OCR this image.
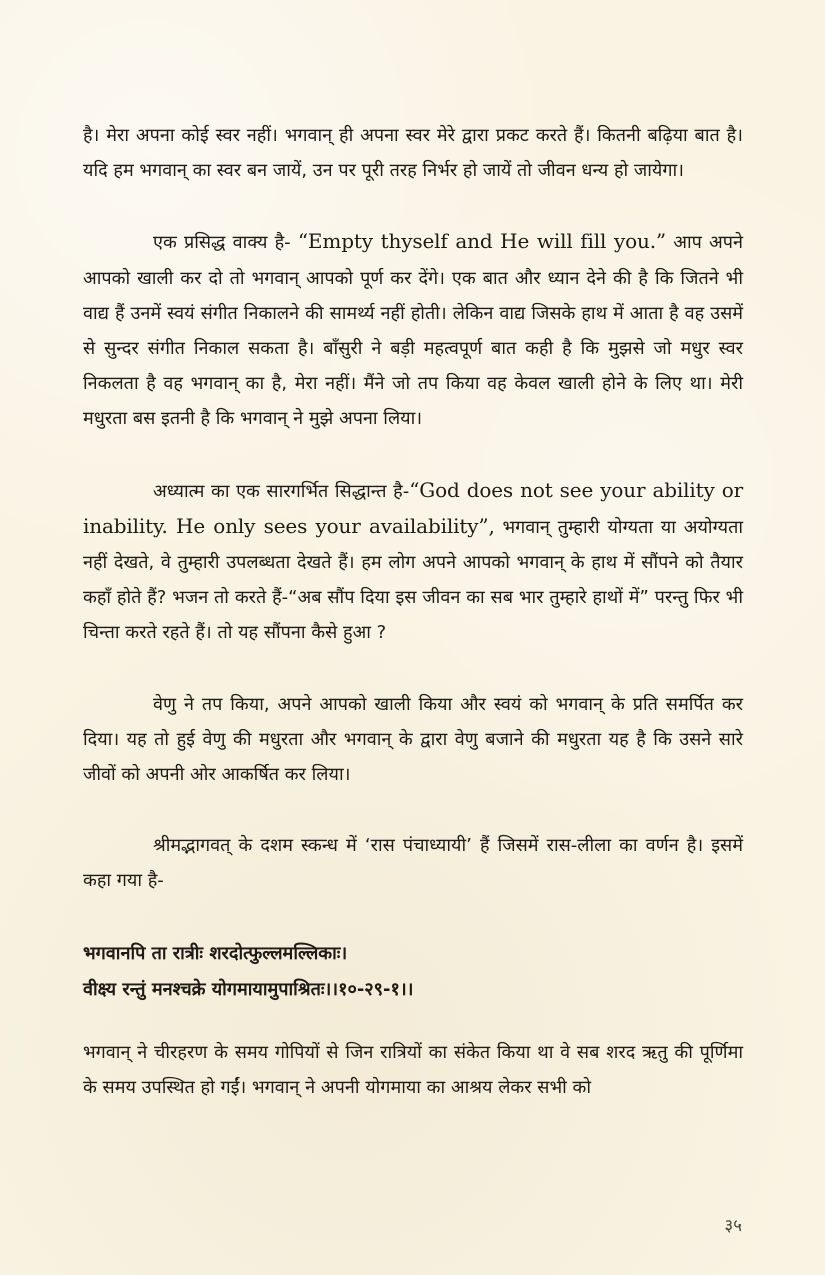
है। मेरा अपना कोई स्वर नहीं। भगवान् ही अपना स्वर मेरे द्वारा प्रकट करते हैं। कितनी बढ़िया बात है। यदि हम भगवान् का स्वर बन जायें, उन पर पूरी तरह निर्भर हो जायें तो जीवन धन्य हो जायेगा।

एक प्रसिद्ध वाक्य है- “Empty thyself and He will fill you.” आप अपने आपको खाली कर दो तो भगवान् आपको पूर्ण कर देंगे। एक बात और ध्यान देने की है कि जितने भी वाद्य हैं उनमें स्वयं संगीत निकालने की सामर्थ्य नहीं होती। लेकिन वाद्य जिसके हाथ में आता है वह उसमें से सुन्दर संगीत निकाल सकता है। बाँसुरी ने बड़ी महत्वपूर्ण बात कही है कि मुझसे जो मधुर स्वर निकलता है वह भगवान् का है, मेरा नहीं। मैंने जो तप किया वह केवल खाली होने के लिए था। मेरी मधुरता बस इतनी है कि भगवान् ने मुझे अपना लिया।

अध्यात्म का एक सारगर्भित सिद्धान्त है-“God does not see your ability or inability. He only sees your availability”, भगवान् तुम्हारी योग्यता या अयोग्यता नहीं देखते, वे तुम्हारी उपलब्धता देखते हैं। हम लोग अपने आपको भगवान् के हाथ में सौंपने को तैयार कहाँ होते हैं? भजन तो करते हैं-“अब सौंप दिया इस जीवन का सब भार तुम्हारे हाथों में” परन्तु फिर भी चिन्ता करते रहते हैं। तो यह सौंपना कैसे हुआ ?

वेणु ने तप किया, अपने आपको खाली किया और स्वयं को भगवान् के प्रति समर्पित कर दिया। यह तो हुई वेणु की मधुरता और भगवान् के द्वारा वेणु बजाने की मधुरता यह है कि उसने सारे जीवों को अपनी ओर आकर्षित कर लिया।

श्रीमद्भागवत् के दशम स्कन्ध में ‘रास पंचाध्यायी’ हैं जिसमें रास-लीला का वर्णन है। इसमें कहा गया है-

भगवानपि ता रात्रीः शरदोत्फुल्लमल्लिकाः।
वीक्ष्य रन्तुं मनश्चक्रे योगमायामुपाश्रितः।।१०-२९-१।।

भगवान् ने चीरहरण के समय गोपियों से जिन रात्रियों का संकेत किया था वे सब शरद ऋतु की पूर्णिमा के समय उपस्थित हो गईं। भगवान् ने अपनी योगमाया का आश्रय लेकर सभी को

३५
